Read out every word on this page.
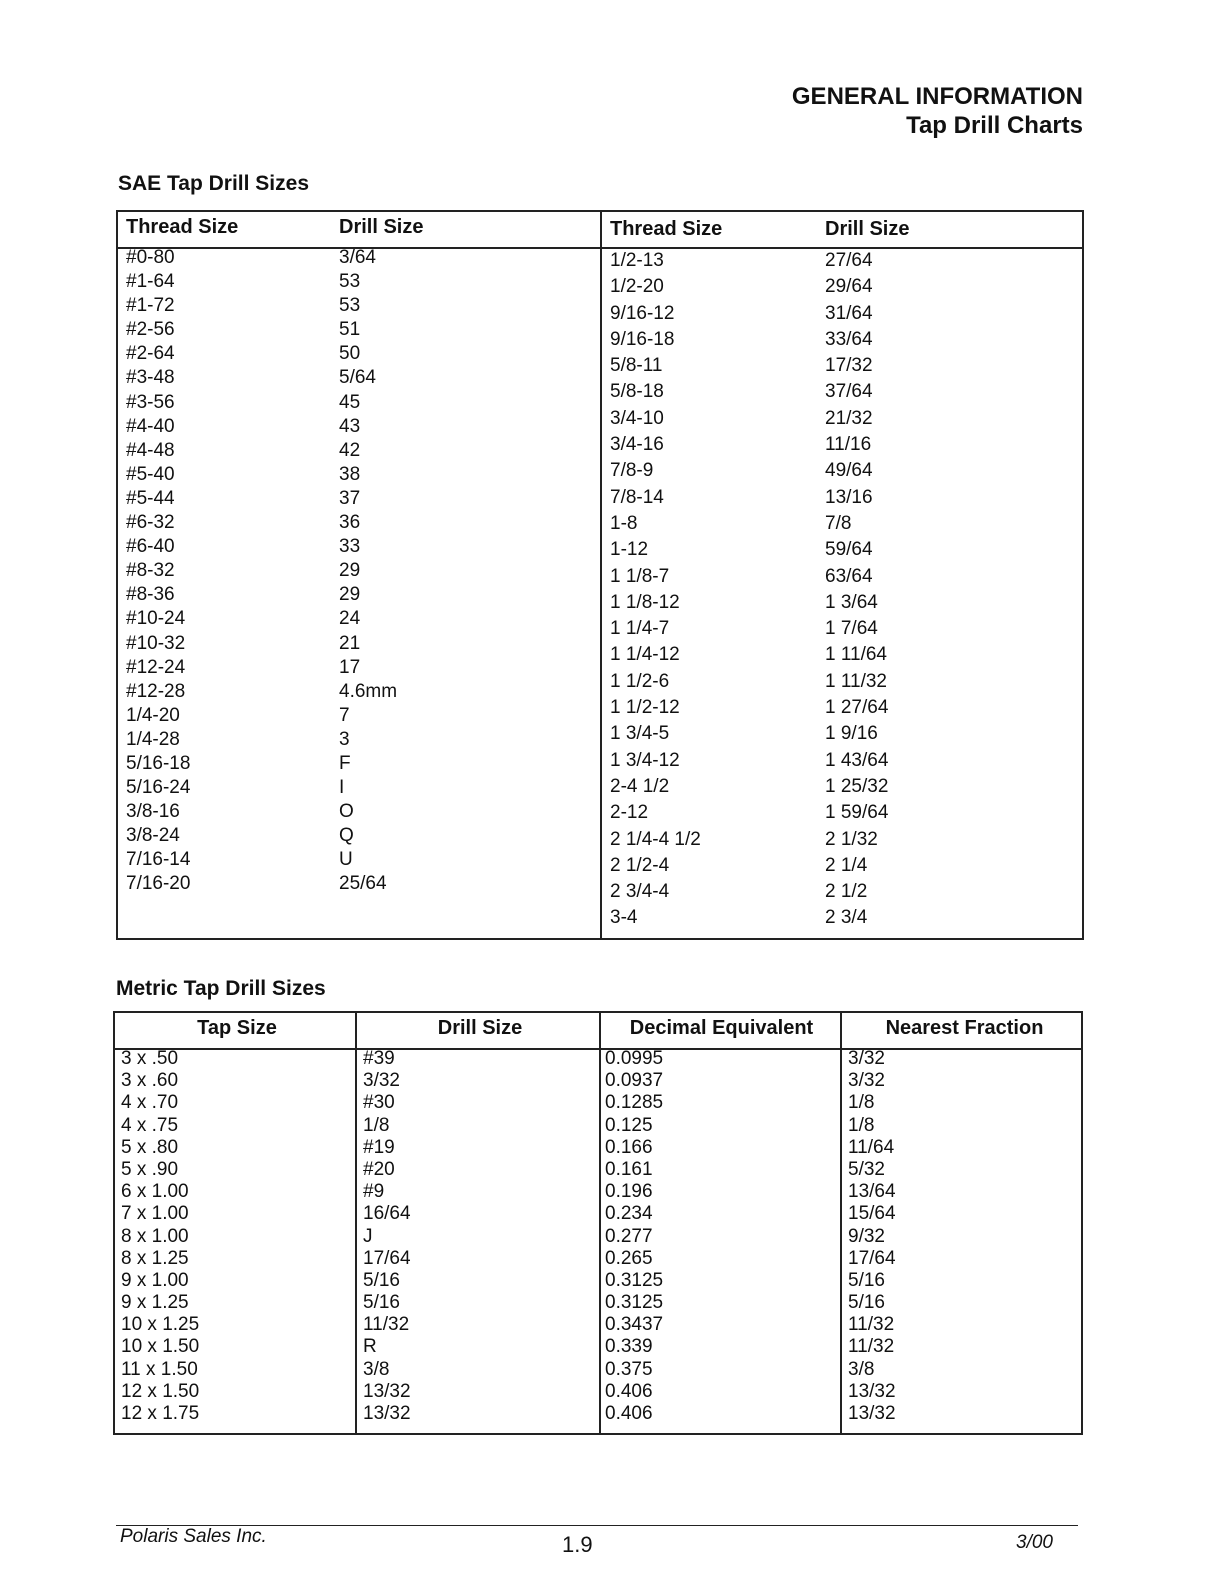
GENERAL INFORMATION
Tap Drill Charts
SAE Tap Drill Sizes
Thread Size
#0-80
#1-64
#1-72
#2-56
#2-64
#3-48
#3-56
#4-40
#4-48
#5-40
#5-44
#6-32
#6-40
#8-32
#8-36
#10-24
#10-32
#12-24
#12-28
1/4-20
1/4-28
5/16-18
5/16-24
3/8-16
3/8-24
7/16-14
7/16-20
Drill Size
3/64
53
53
51
50
5/64
45
43
42
38
37
36
33
29
29
24
21
17
4.6mm
7
3
F
I
O
Q
U
25/64
Thread Size
1/2-13
1/2-20
9/16-12
9/16-18
5/8-11
5/8-18
3/4-10
3/4-16
7/8-9
7/8-14
1-8
1-12
1 1/8-7
1 1/8-12
1 1/4-7
1 1/4-12
1 1/2-6
1 1/2-12
1 3/4-5
1 3/4-12
2-4 1/2
2-12
2 1/4-4 1/2
2 1/2-4
2 3/4-4
3-4
Drill Size
27/64
29/64
31/64
33/64
17/32
37/64
21/32
11/16
49/64
13/16
7/8
59/64
63/64
1 3/64
1 7/64
1 11/64
1 11/32
1 27/64
1 9/16
1 43/64
1 25/32
1 59/64
2 1/32
2 1/4
2 1/2
2 3/4
Metric Tap Drill Sizes
Tap Size
3 x .50
3 x .60
4 x .70
4 x .75
5 x .80
5 x .90
6 x 1.00
7 x 1.00
8 x 1.00
8 x 1.25
9 x 1.00
9 x 1.25
10 x 1.25
10 x 1.50
11 x 1.50
12 x 1.50
12 x 1.75
Drill Size
#39
3/32
#30
1/8
#19
#20
#9
16/64
J
17/64
5/16
5/16
11/32
R
3/8
13/32
13/32
Decimal Equivalent
0.0995
0.0937
0.1285
0.125
0.166
0.161
0.196
0.234
0.277
0.265
0.3125
0.3125
0.3437
0.339
0.375
0.406
0.406
Nearest Fraction
3/32
3/32
1/8
1/8
11/64
5/32
13/64
15/64
9/32
17/64
5/16
5/16
11/32
11/32
3/8
13/32
13/32
Polaris Sales Inc.	1.9	3/00
